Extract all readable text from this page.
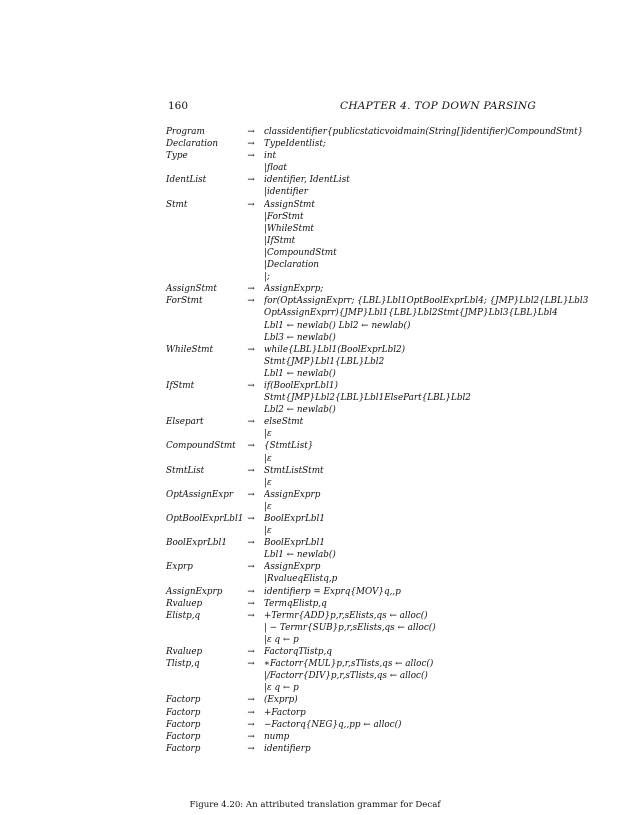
160	CHAPTER 4. TOP DOWN PARSING
Program	→	classidentifier{publicstaticvoidmain(String[]identifier)CompoundStmt}
Declaration	→	TypeIdentlist;
Type	→	int
|float
IdentList	→	identifier, IdentList
|identifier
Stmt	→	AssignStmt
|ForStmt
|WhileStmt
|IfStmt
|CompoundStmt
|Declaration
|;
AssignStmt	→	AssignExprp;
ForStmt	→	for(OptAssignExprr; {LBL}Lbl1OptBoolExprLbl4; {JMP}Lbl2{LBL}Lbl3
OptAssignExprr){JMP}Lbl1{LBL}Lbl2Stmt{JMP}Lbl3{LBL}Lbl4
Lbl1 ← newlab() Lbl2 ← newlab()
Lbl3 ← newlab()
WhileStmt	→	while{LBL}Lbl1(BoolExprLbl2)
Stmt{JMP}Lbl1{LBL}Lbl2
Lbl1 ← newlab()
IfStmt	→	if(BoolExprLbl1)
Stmt{JMP}Lbl2{LBL}Lbl1ElsePart{LBL}Lbl2
Lbl2 ← newlab()
Elsepart	→	elseStmt
|ε
CompoundStmt	→	{StmtList}
|ε
StmtList	→	StmtListStmt
|ε
OptAssignExpr	→	AssignExprp
|ε
OptBoolExprLbl1 →	BoolExprLbl1
|ε
BoolExprLbl1	→	BoolExprLbl1
Lbl1 ← newlab()
Exprp	→	AssignExprp
|RvalueqElistq,p
AssignExprp	→	identifierp = Exprq{MOV}q,,p
Rvaluep	→	TermqElistp,q
Elistp,q	→	+Termr{ADD}p,r,sElists,qs ← alloc()
| − Termr{SUB}p,r,sElists,qs ← alloc()
|ε q ← p
Rvaluep	→	FactorqTlistp,q
Tlistp,q	→	∗Factorr{MUL}p,r,sTlists,qs ← alloc()
|/Factorr{DIV}p,r,sTlists,qs ← alloc()
|ε q ← p
Factorp	→	(Exprp)
Factorp	→	+Factorp
Factorp	→	−Factorq{NEG}q,,pp ← alloc()
Factorp	→	nump
Factorp	→	identifierp
Figure 4.20: An attributed translation grammar for Decaf
